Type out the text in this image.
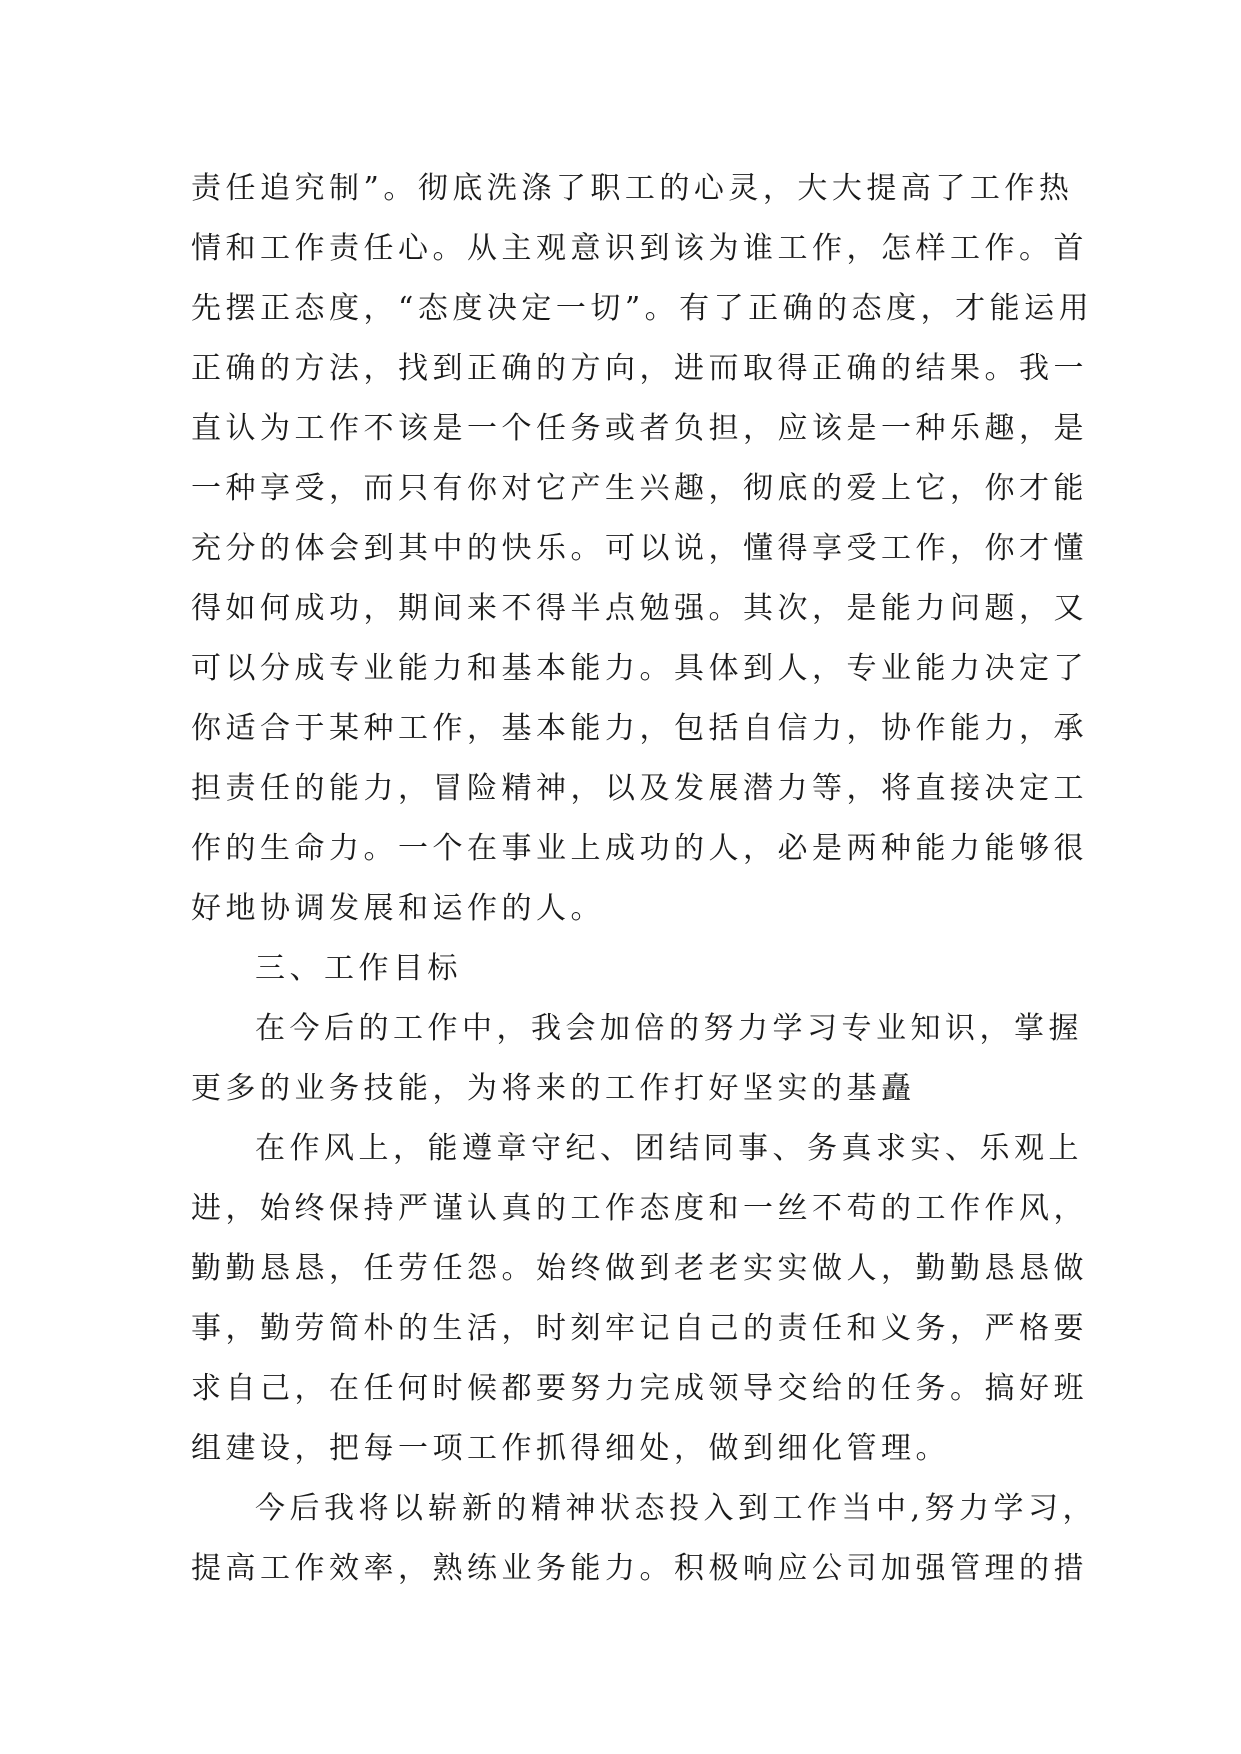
责任追究制”。彻底洗涤了职工的心灵，大大提高了工作热
情和工作责任心。从主观意识到该为谁工作，怎样工作。首
先摆正态度，“态度决定一切”。有了正确的态度，才能运用
正确的方法，找到正确的方向，进而取得正确的结果。我一
直认为工作不该是一个任务或者负担，应该是一种乐趣，是
一种享受，而只有你对它产生兴趣，彻底的爱上它，你才能
充分的体会到其中的快乐。可以说，懂得享受工作，你才懂
得如何成功，期间来不得半点勉强。其次，是能力问题，又
可以分成专业能力和基本能力。具体到人，专业能力决定了
你适合于某种工作，基本能力，包括自信力，协作能力，承
担责任的能力，冒险精神，以及发展潜力等，将直接决定工
作的生命力。一个在事业上成功的人，必是两种能力能够很
好地协调发展和运作的人。
三、工作目标
在今后的工作中，我会加倍的努力学习专业知识，掌握
更多的业务技能，为将来的工作打好坚实的基矗
在作风上，能遵章守纪、团结同事、务真求实、乐观上
进，始终保持严谨认真的工作态度和一丝不苟的工作作风，
勤勤恳恳，任劳任怨。始终做到老老实实做人，勤勤恳恳做
事，勤劳简朴的生活，时刻牢记自己的责任和义务，严格要
求自己，在任何时候都要努力完成领导交给的任务。搞好班
组建设，把每一项工作抓得细处，做到细化管理。
今后我将以崭新的精神状态投入到工作当中,努力学习，
提高工作效率，熟练业务能力。积极响应公司加强管理的措
